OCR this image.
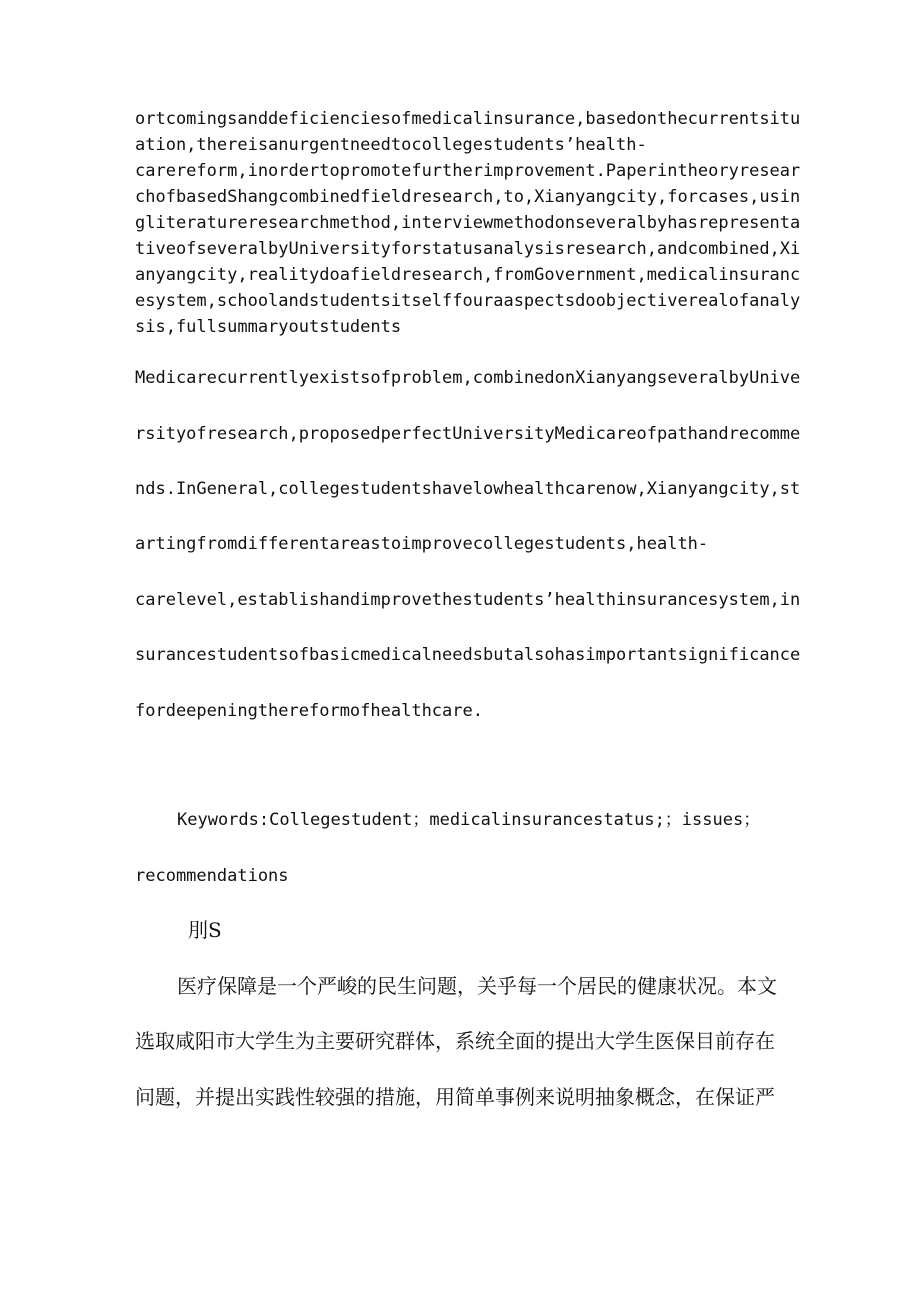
ortcomingsanddeficienciesofmedicalinsurance,basedonthecurrentsitu
ation,thereisanurgentneedtocollegestudents’health-
carereform,inordertopromotefurtherimprovement.Paperintheoryresear
chofbasedShangcombinedfieldresearch,to,Xianyangcity,forcases,usin
gliteratureresearchmethod,interviewmethodonseveralbyhasrepresenta
tiveofseveralbyUniversityforstatusanalysisresearch,andcombined,Xi
anyangcity,realitydoafieldresearch,fromGovernment,medicalinsuranc
esystem,schoolandstudentsitselffouraaspectsdoobjectiverealofanaly
sis,fullsummaryoutstudents
Medicarecurrentlyexistsofproblem,combinedonXianyangseveralbyUnive
rsityofresearch,proposedperfectUniversityMedicareofpathandrecomme
nds.InGeneral,collegestudentshavelowhealthcarenow,Xianyangcity,st
artingfromdifferentareastoimprovecollegestudents,health-
carelevel,establishandimprovethestudents’healthinsurancesystem,in
surancestudentsofbasicmedicalneedsbutalsohasimportantsignificance
fordeepeningthereformofhealthcare.
Keywords:Collegestudent；medicalinsurancestatus;；issues；
recommendations
刖S
医疗保障是一个严峻的民生问题，关乎每一个居民的健康状况。本文
选取咸阳市大学生为主要研究群体，系统全面的提出大学生医保目前存在
问题，并提出实践性较强的措施，用简单事例来说明抽象概念，在保证严
